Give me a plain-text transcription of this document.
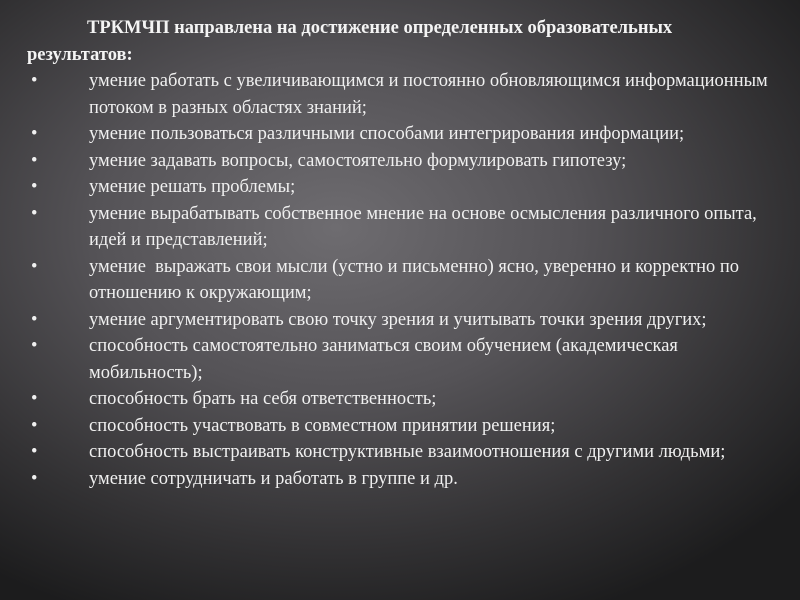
ТРКМЧП направлена на достижение определенных образовательных результатов:

•	умение работать с увеличивающимся и постоянно обновляющимся информационным потоком в разных областях знаний;
•	умение пользоваться различными способами интегрирования информации;
•	умение задавать вопросы, самостоятельно формулировать гипотезу;
•	умение решать проблемы;
•	умение вырабатывать собственное мнение на основе осмысления различного опыта, идей и представлений;
•	умение  выражать свои мысли (устно и письменно) ясно, уверенно и корректно по отношению к окружающим;
•	умение аргументировать свою точку зрения и учитывать точки зрения других;
•	способность самостоятельно заниматься своим обучением (академическая мобильность);
•	способность брать на себя ответственность;
•	способность участвовать в совместном принятии решения;
•	способность выстраивать конструктивные взаимоотношения с другими людьми;
•	умение сотрудничать и работать в группе и др.
